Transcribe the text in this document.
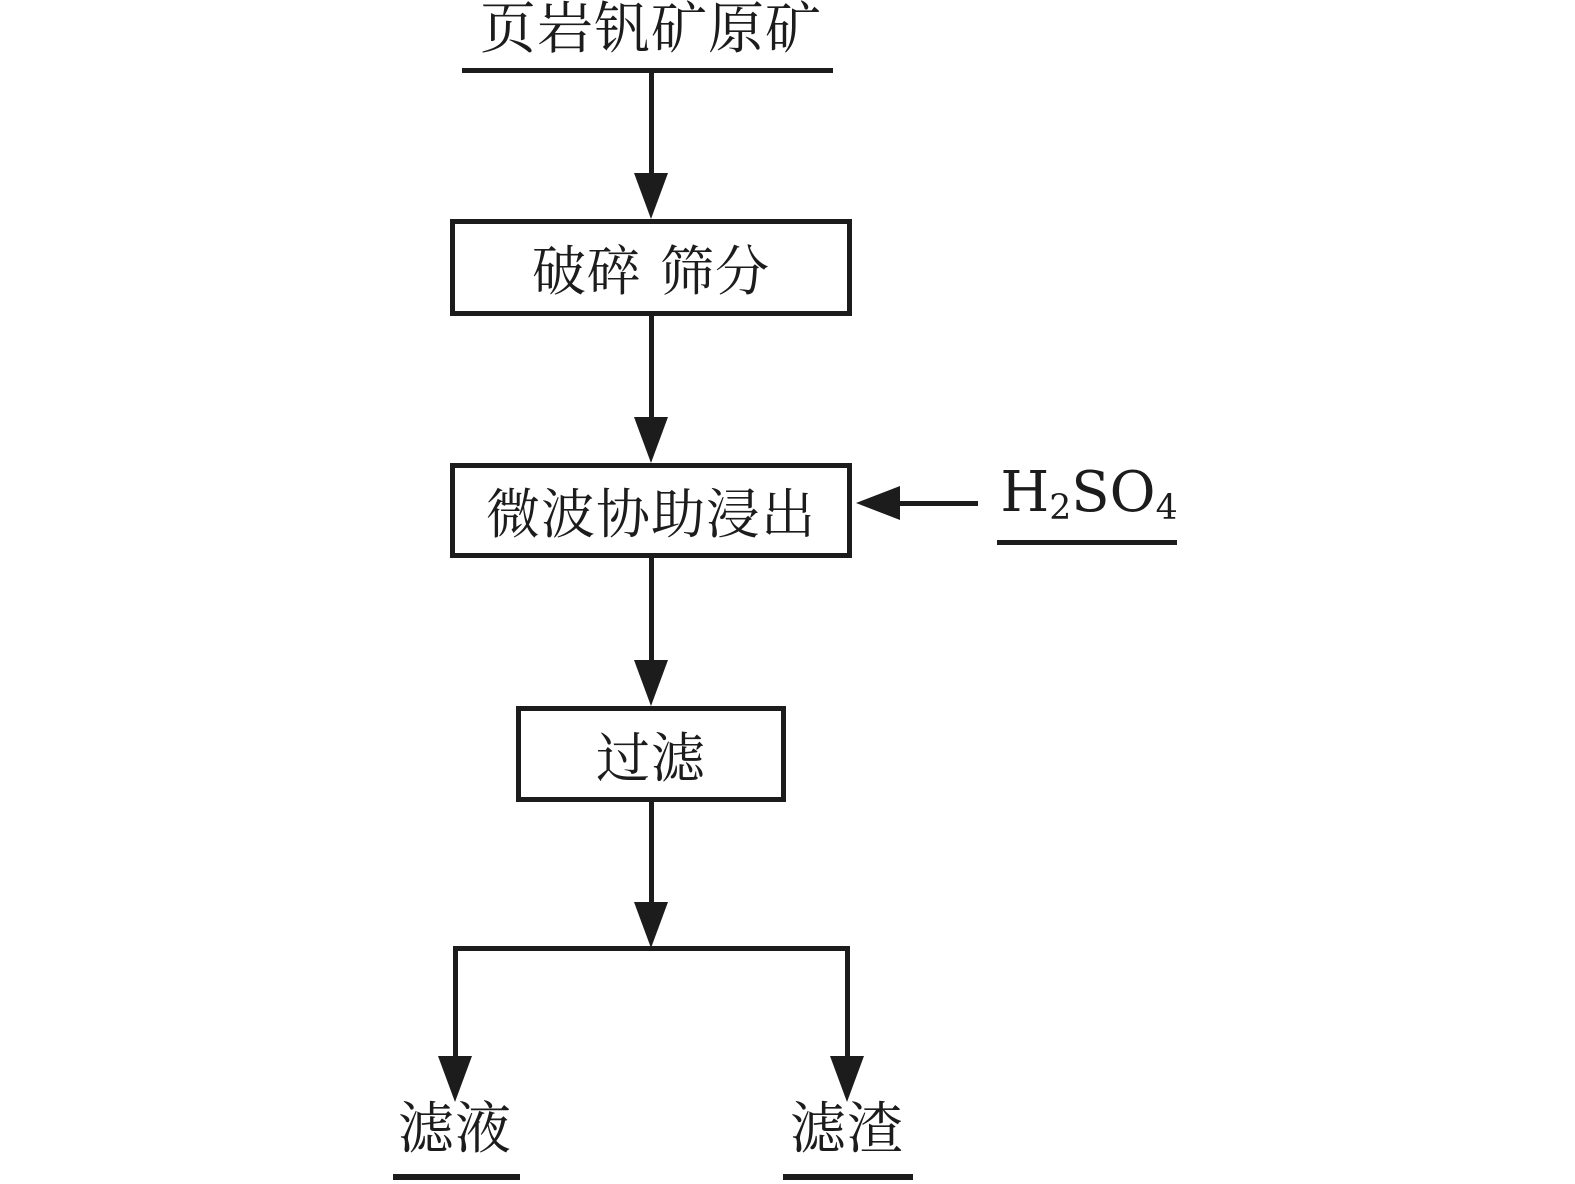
页岩钒矿原矿
破碎 筛分
微波协助浸出	$H_2SO_4$
过滤
滤液	滤渣
